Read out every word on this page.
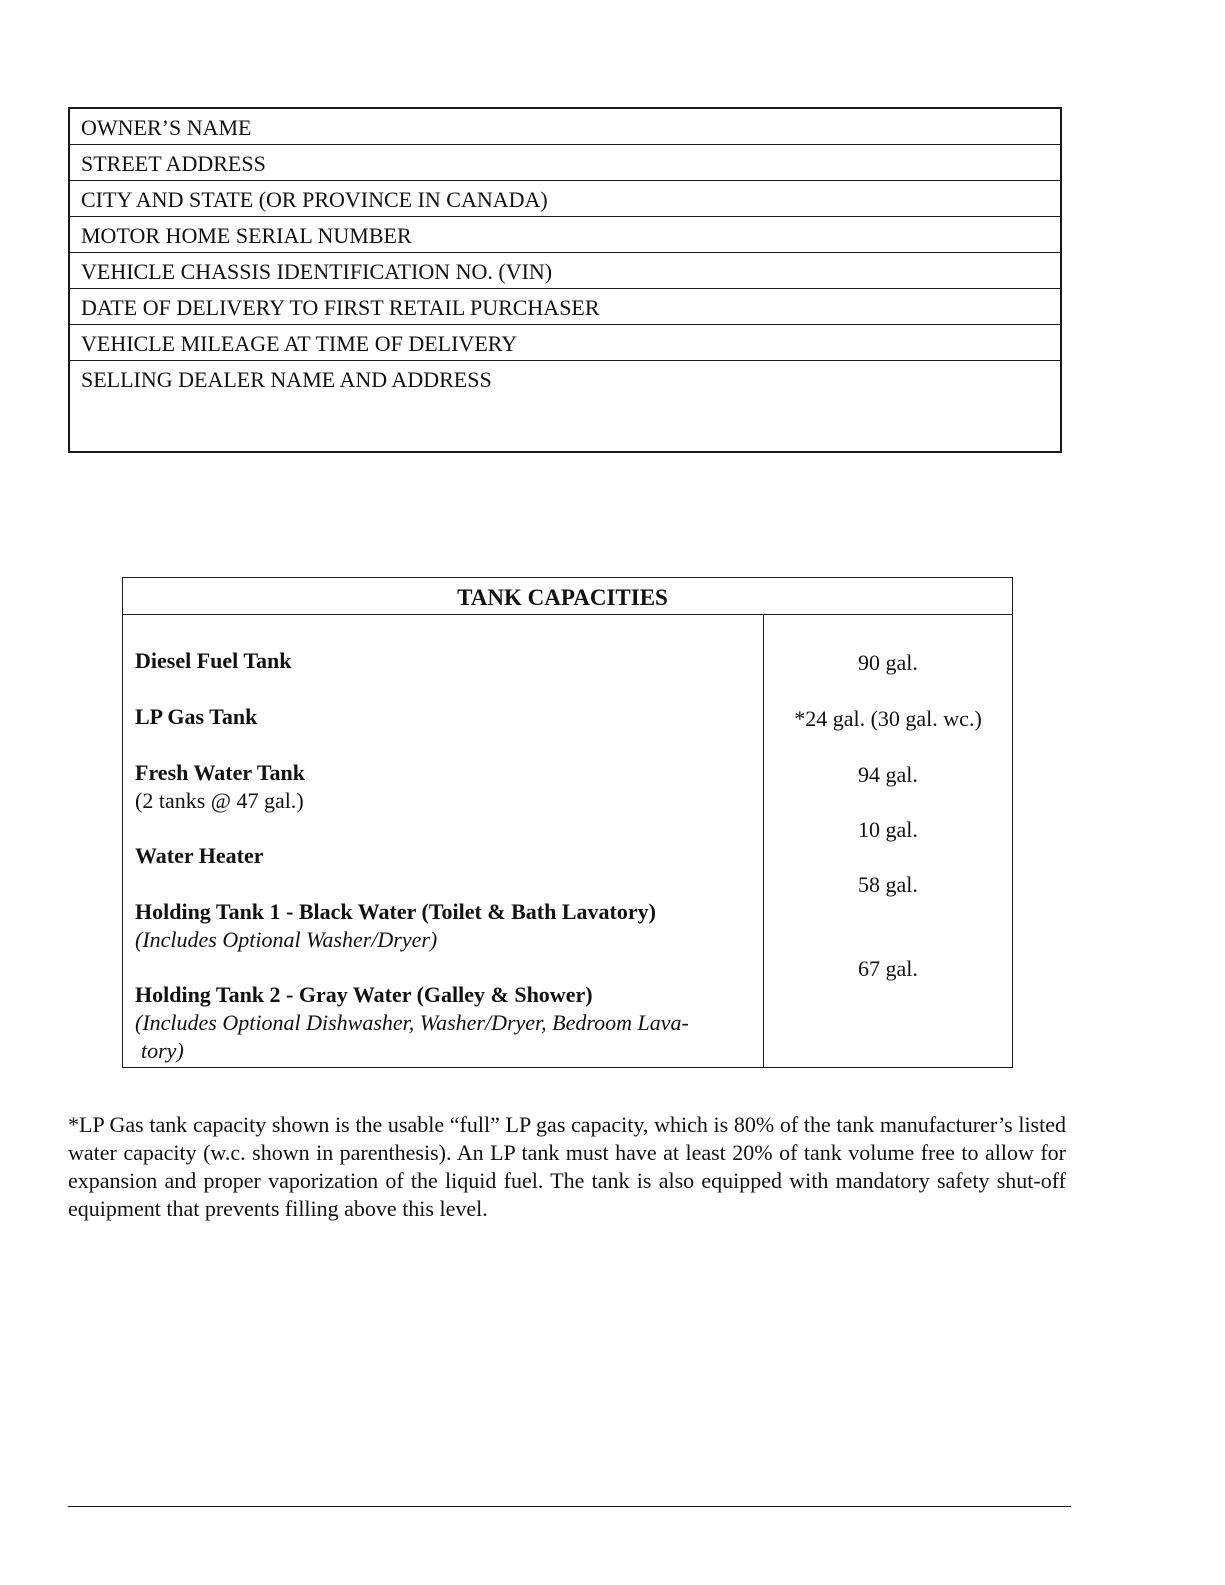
OWNER’S NAME
STREET ADDRESS
CITY AND STATE (OR PROVINCE IN CANADA)
MOTOR HOME SERIAL NUMBER
VEHICLE CHASSIS IDENTIFICATION NO. (VIN)
DATE OF DELIVERY TO FIRST RETAIL PURCHASER
VEHICLE MILEAGE AT TIME OF DELIVERY
SELLING DEALER NAME AND ADDRESS
TANK CAPACITIES
Diesel Fuel Tank	90 gal.
LP Gas Tank	*24 gal. (30 gal. wc.)
Fresh Water Tank
(2 tanks @ 47 gal.)
94 gal.
Water Heater
10 gal.
Holding Tank 1 - Black Water (Toilet & Bath Lavatory)
(Includes Optional Washer/Dryer)
58 gal.
Holding Tank 2 - Gray Water (Galley & Shower)
(Includes Optional Dishwasher, Washer/Dryer, Bedroom Lava-
tory)
67 gal.
*LP Gas tank capacity shown is the usable “full” LP gas capacity, which is 80% of the tank manufacturer’s listed water capacity (w.c. shown in parenthesis). An LP tank must have at least 20% of tank volume free to allow for expansion and proper vaporization of the liquid fuel. The tank is also equipped with mandatory safety shut-off equipment that prevents filling above this level.
